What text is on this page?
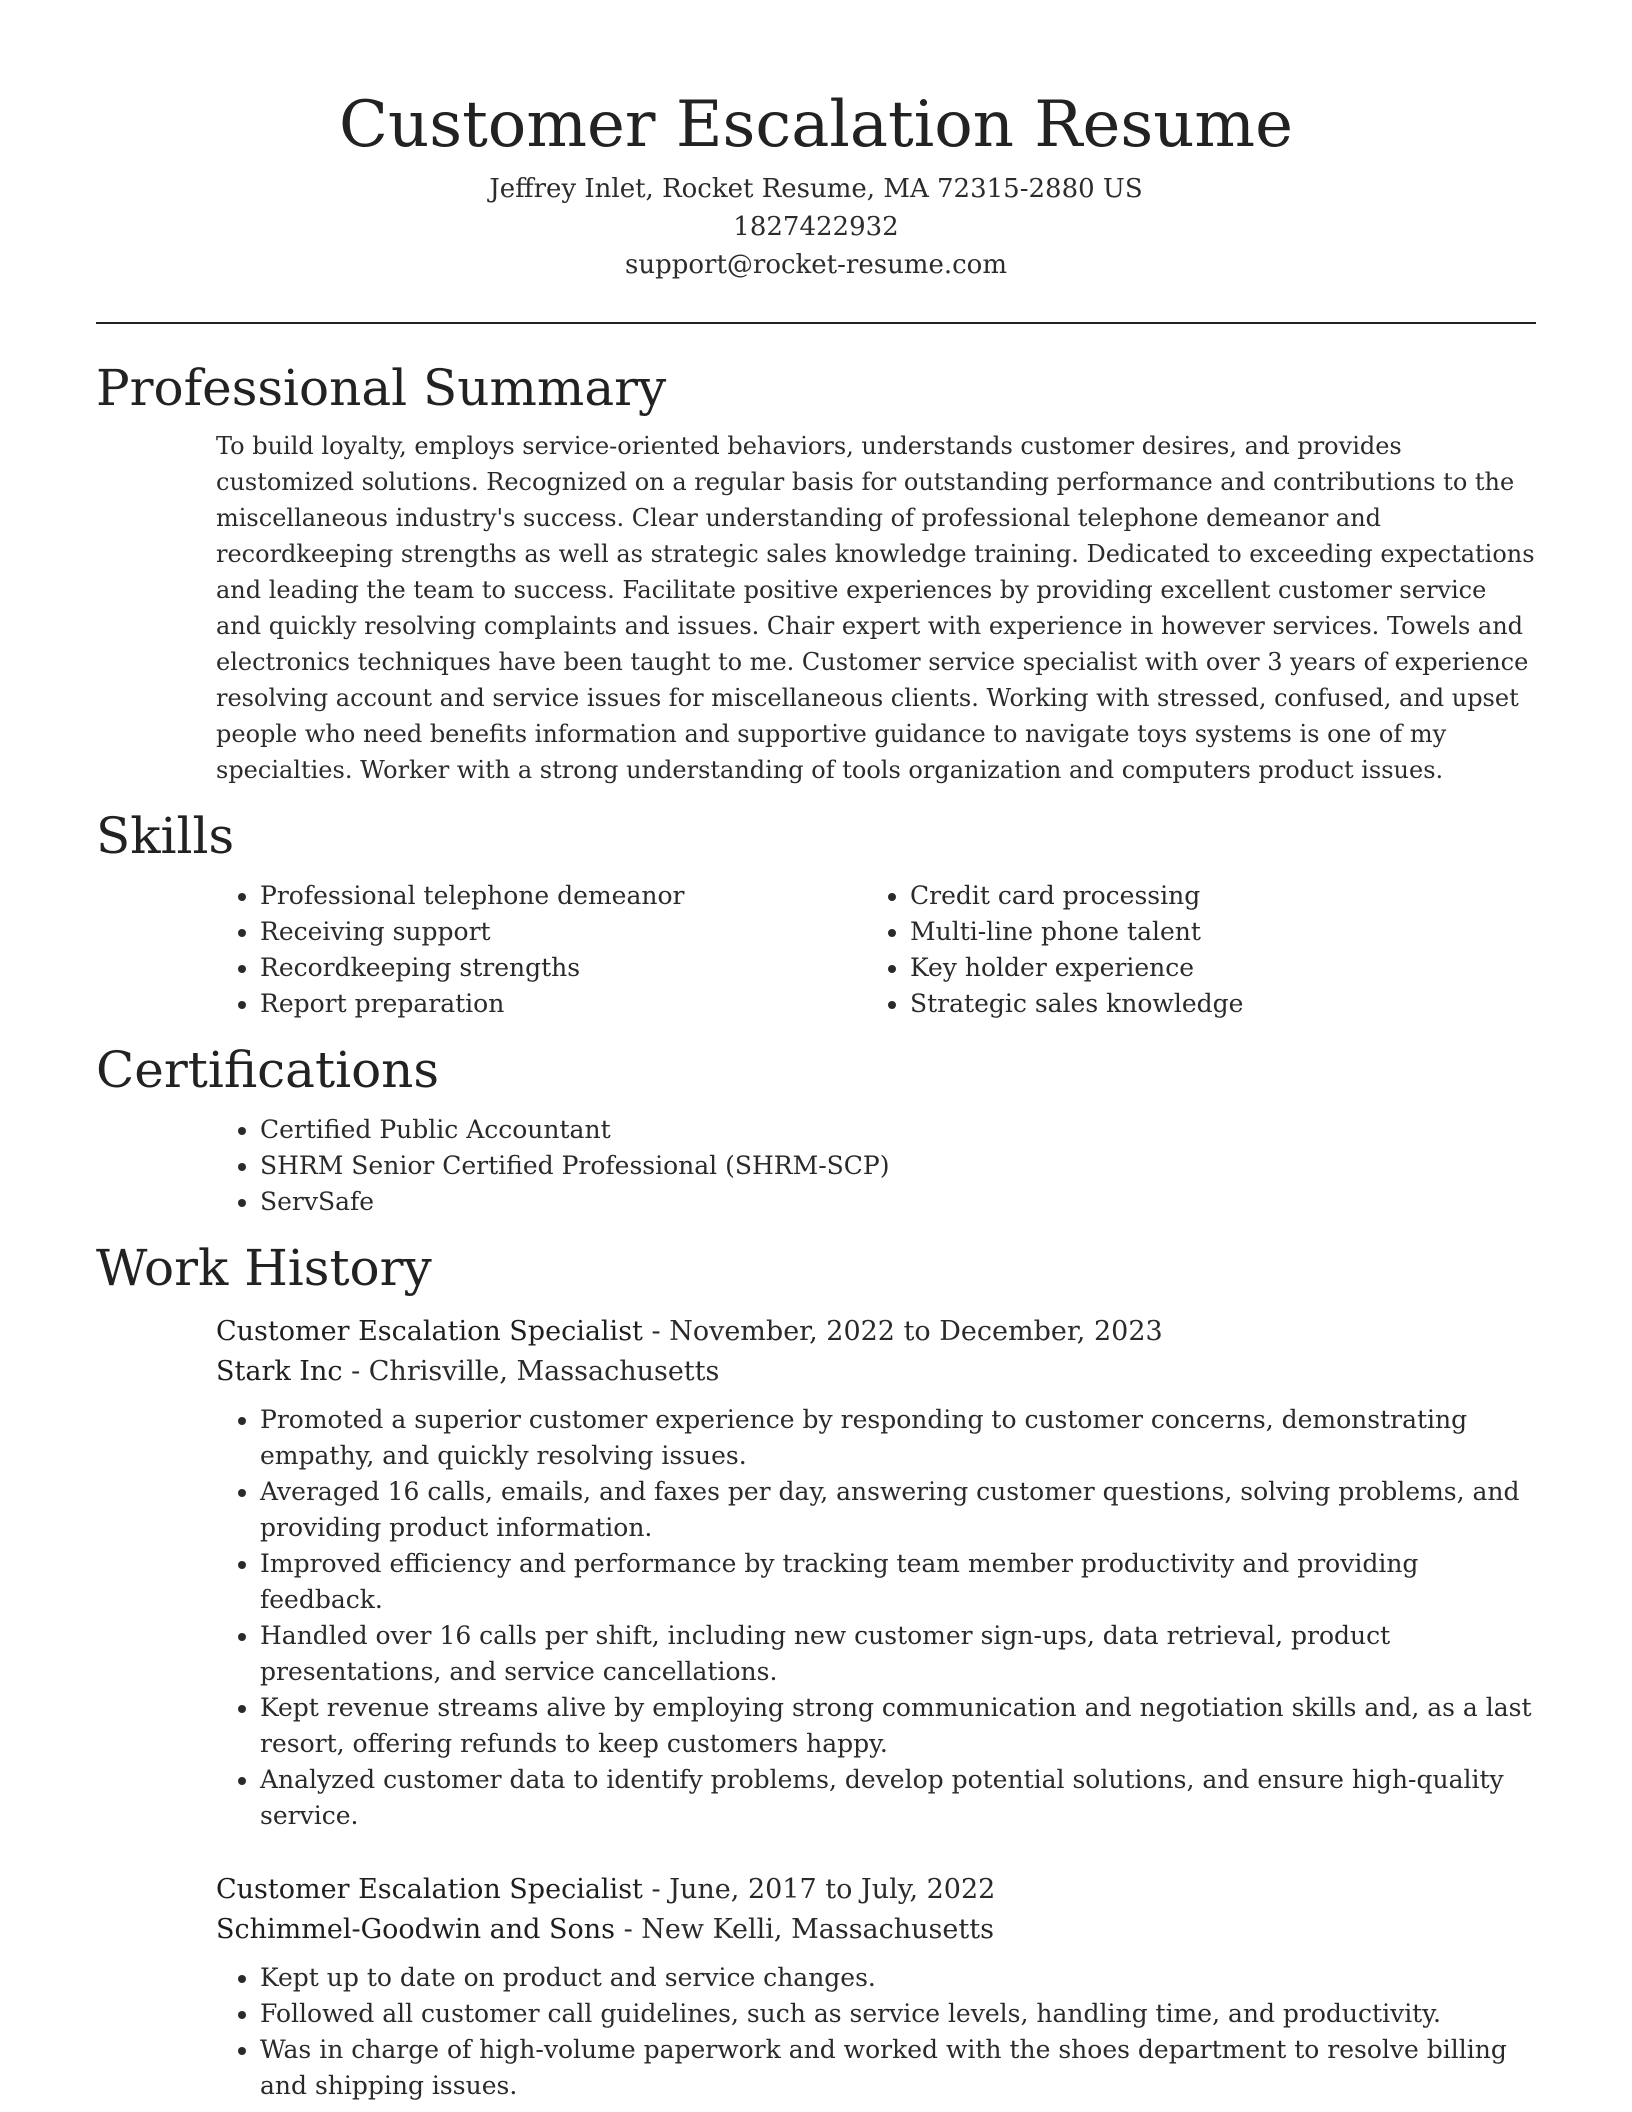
Customer Escalation Resume
Jeffrey Inlet, Rocket Resume, MA 72315-2880 US
1827422932
support@rocket-resume.com
Professional Summary
To build loyalty, employs service-oriented behaviors, understands customer desires, and provides customized solutions. Recognized on a regular basis for outstanding performance and contributions to the miscellaneous industry's success. Clear understanding of professional telephone demeanor and recordkeeping strengths as well as strategic sales knowledge training. Dedicated to exceeding expectations and leading the team to success. Facilitate positive experiences by providing excellent customer service and quickly resolving complaints and issues. Chair expert with experience in however services. Towels and electronics techniques have been taught to me. Customer service specialist with over 3 years of experience resolving account and service issues for miscellaneous clients. Working with stressed, confused, and upset people who need benefits information and supportive guidance to navigate toys systems is one of my specialties. Worker with a strong understanding of tools organization and computers product issues.
Skills
• Professional telephone demeanor
• Receiving support
• Recordkeeping strengths
• Report preparation
• Credit card processing
• Multi-line phone talent
• Key holder experience
• Strategic sales knowledge
Certifications
• Certified Public Accountant
• SHRM Senior Certified Professional (SHRM-SCP)
• ServSafe
Work History
Customer Escalation Specialist - November, 2022 to December, 2023
Stark Inc - Chrisville, Massachusetts
• Promoted a superior customer experience by responding to customer concerns, demonstrating empathy, and quickly resolving issues.
• Averaged 16 calls, emails, and faxes per day, answering customer questions, solving problems, and providing product information.
• Improved efficiency and performance by tracking team member productivity and providing feedback.
• Handled over 16 calls per shift, including new customer sign-ups, data retrieval, product presentations, and service cancellations.
• Kept revenue streams alive by employing strong communication and negotiation skills and, as a last resort, offering refunds to keep customers happy.
• Analyzed customer data to identify problems, develop potential solutions, and ensure high-quality service.
Customer Escalation Specialist - June, 2017 to July, 2022
Schimmel-Goodwin and Sons - New Kelli, Massachusetts
• Kept up to date on product and service changes.
• Followed all customer call guidelines, such as service levels, handling time, and productivity.
• Was in charge of high-volume paperwork and worked with the shoes department to resolve billing and shipping issues.
